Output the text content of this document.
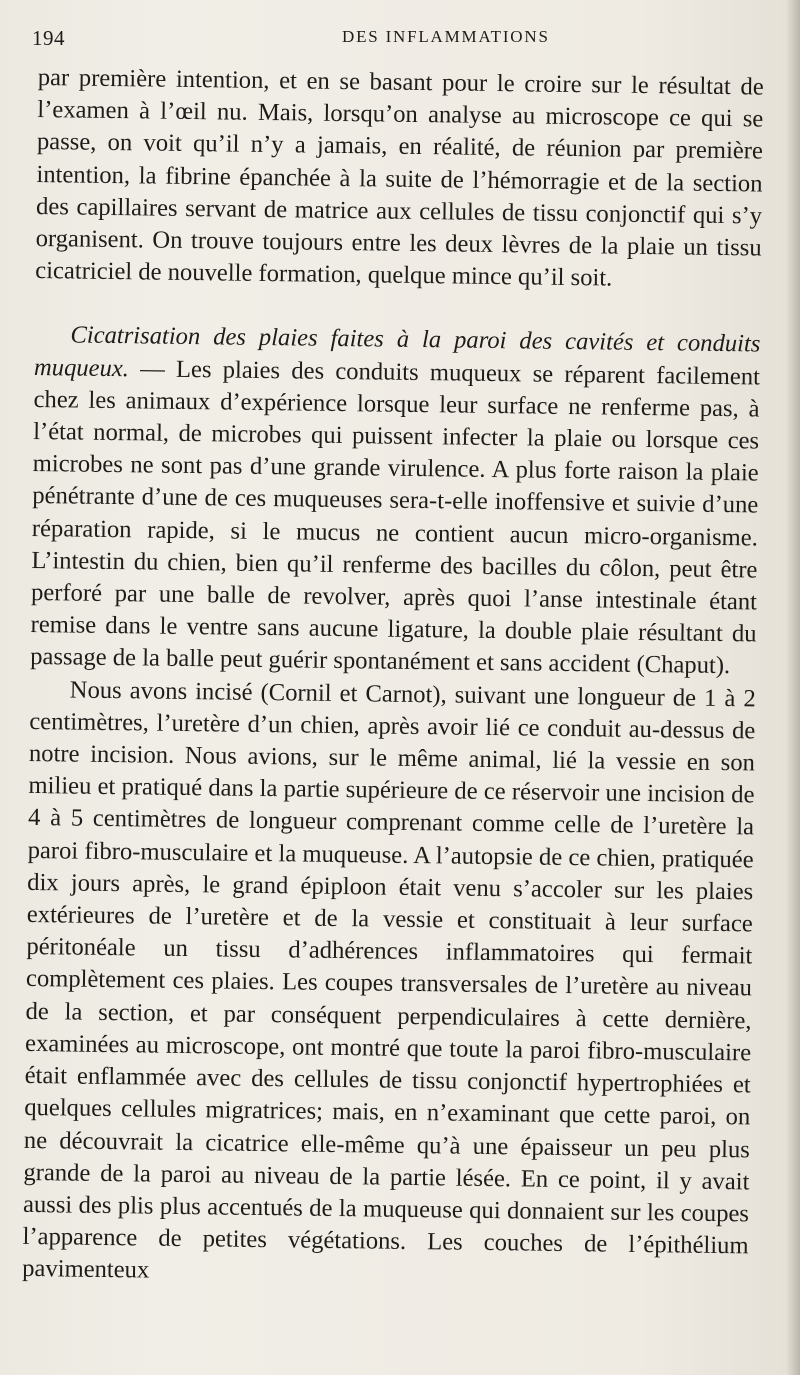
194	DES INFLAMMATIONS

par première intention, et en se basant pour le croire sur le résultat de l’examen à l’œil nu. Mais, lorsqu’on analyse au microscope ce qui se passe, on voit qu’il n’y a jamais, en réalité, de réunion par première intention, la fibrine épanchée à la suite de l’hémorragie et de la section des capillaires servant de matrice aux cellules de tissu conjonctif qui s’y organisent. On trouve toujours entre les deux lèvres de la plaie un tissu cicatriciel de nouvelle formation, quelque mince qu’il soit.

Cicatrisation des plaies faites à la paroi des cavités et conduits muqueux. — Les plaies des conduits muqueux se réparent facilement chez les animaux d’expérience lorsque leur surface ne renferme pas, à l’état normal, de microbes qui puissent infecter la plaie ou lorsque ces microbes ne sont pas d’une grande virulence. A plus forte raison la plaie pénétrante d’une de ces muqueuses sera-t-elle inoffensive et suivie d’une réparation rapide, si le mucus ne contient aucun micro-organisme. L’intestin du chien, bien qu’il renferme des bacilles du côlon, peut être perforé par une balle de revolver, après quoi l’anse intestinale étant remise dans le ventre sans aucune ligature, la double plaie résultant du passage de la balle peut guérir spontanément et sans accident (Chaput).

Nous avons incisé (Cornil et Carnot), suivant une longueur de 1 à 2 centimètres, l’uretère d’un chien, après avoir lié ce conduit au-dessus de notre incision. Nous avions, sur le même animal, lié la vessie en son milieu et pratiqué dans la partie supérieure de ce réservoir une incision de 4 à 5 centimètres de longueur comprenant comme celle de l’uretère la paroi fibro-musculaire et la muqueuse. A l’autopsie de ce chien, pratiquée dix jours après, le grand épiploon était venu s’accoler sur les plaies extérieures de l’uretère et de la vessie et constituait à leur surface péritonéale un tissu d’adhérences inflammatoires qui fermait complètement ces plaies. Les coupes transversales de l’uretère au niveau de la section, et par conséquent perpendiculaires à cette dernière, examinées au microscope, ont montré que toute la paroi fibro-musculaire était enflammée avec des cellules de tissu conjonctif hypertrophiées et quelques cellules migratrices; mais, en n’examinant que cette paroi, on ne découvrait la cicatrice elle-même qu’à une épaisseur un peu plus grande de la paroi au niveau de la partie lésée. En ce point, il y avait aussi des plis plus accentués de la muqueuse qui donnaient sur les coupes l’apparence de petites végétations. Les couches de l’épithélium pavimenteux
